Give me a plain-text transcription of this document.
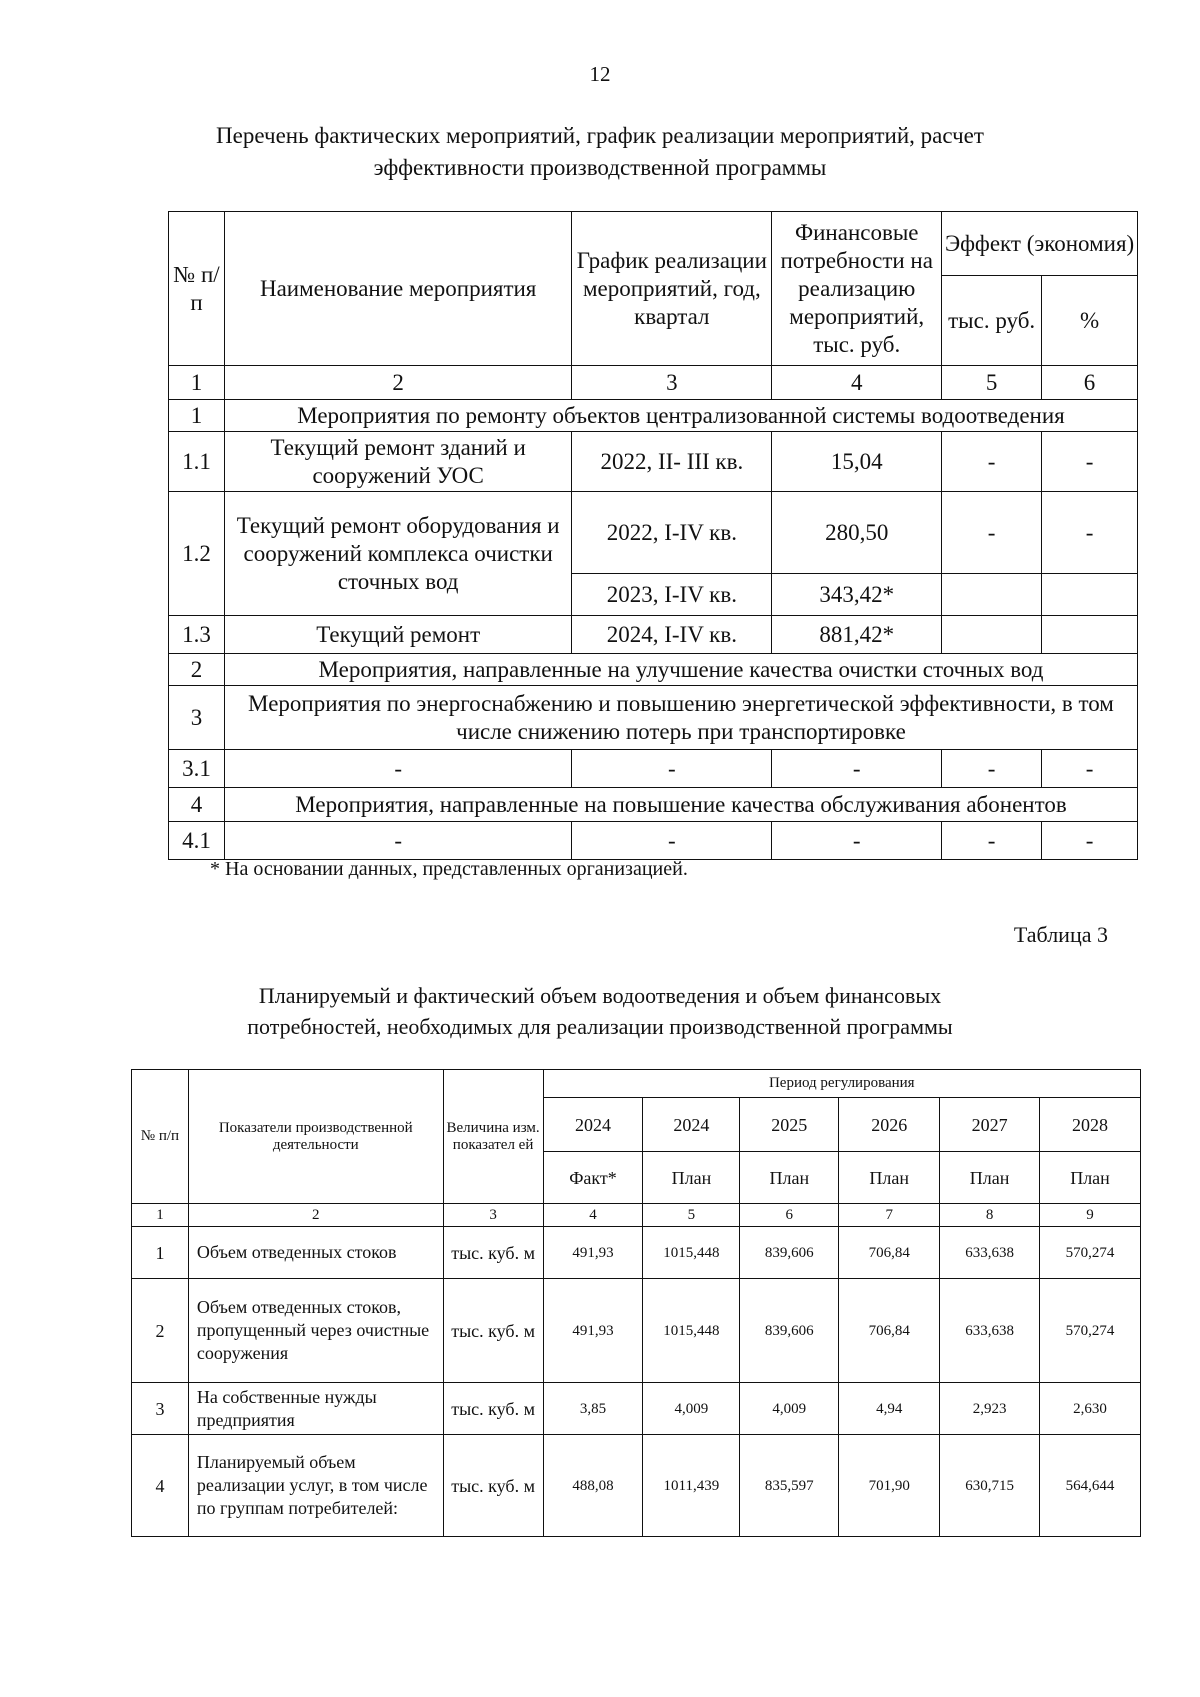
12
Перечень фактических мероприятий, график реализации мероприятий, расчет
эффективности производственной программы
№ п/ п	Наименование мероприятия	График реализации мероприятий, год, квартал	Финансовые потребности на реализацию мероприятий, тыс. руб.	Эффект (экономия)	
				тыс. руб.	%
1	2	3	4	5	6
1	Мероприятия по ремонту объектов централизованной системы водоотведения				
1.1	Текущий ремонт зданий и сооружений УОС	2022, II- III кв.	15,04	-	-
1.2	Текущий ремонт оборудования и сооружений комплекса очистки сточных вод	2022, I-IV кв.	280,50	-	-
		2023, I-IV кв.	343,42*		
1.3	Текущий ремонт	2024, I-IV кв.	881,42*		
2	Мероприятия, направленные на улучшение качества очистки сточных вод				
3	Мероприятия по энергоснабжению и повышению энергетической эффективности, в том числе снижению потерь при транспортировке				
3.1	-	-	-	-	-
4	Мероприятия, направленные на повышение качества обслуживания абонентов				
4.1	-	-	-	-	-
* На основании данных, представленных организацией.
Таблица 3
Планируемый и фактический объем водоотведения и объем финансовых
потребностей, необходимых для реализации производственной программы
№ п/п	Показатели производственной деятельности	Величина изм. показател ей	Период регулирования					
			2024	2024	2025	2026	2027	2028
			Факт*	План	План	План	План	План
1	2	3	4	5	6	7	8	9
1	Объем отведенных стоков	тыс. куб. м	491,93	1015,448	839,606	706,84	633,638	570,274
2	Объем отведенных стоков, пропущенный через очистные сооружения	тыс. куб. м	491,93	1015,448	839,606	706,84	633,638	570,274
3	На собственные нужды предприятия	тыс. куб. м	3,85	4,009	4,009	4,94	2,923	2,630
4	Планируемый объем реализации услуг, в том числе по группам потребителей:	тыс. куб. м	488,08	1011,439	835,597	701,90	630,715	564,644
